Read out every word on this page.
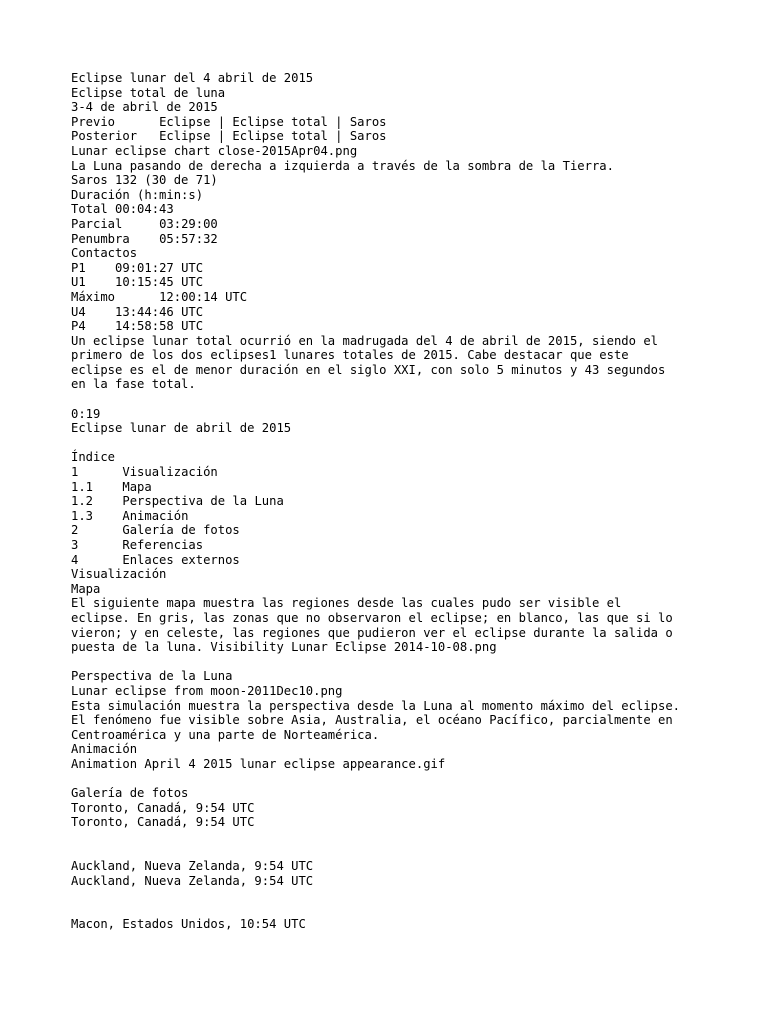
Eclipse lunar del 4 abril de 2015
Eclipse total de luna
3-4 de abril de 2015
Previo	Eclipse | Eclipse total | Saros
Posterior Eclipse | Eclipse total | Saros
Lunar eclipse chart close-2015Apr04.png
La Luna pasando de derecha a izquierda a través de la sombra de la Tierra.
Saros 132 (30 de 71)
Duración (h:min:s)
Total 00:04:43
Parcial	03:29:00
Penumbra 05:57:32
Contactos
P1 09:01:27 UTC
U1 10:15:45 UTC
Máximo	12:00:14 UTC
U4 13:44:46 UTC
P4 14:58:58 UTC
Un eclipse lunar total ocurrió en la madrugada del 4 de abril de 2015, siendo el
primero de los dos eclipses1 lunares totales de 2015. Cabe destacar que este
eclipse es el de menor duración en el siglo XXI, con solo 5 minutos y 43 segundos
en la fase total.
0:19
Eclipse lunar de abril de 2015
Índice
1	Visualización
1.1 Mapa
1.2 Perspectiva de la Luna
1.3 Animación
2	Galería de fotos
3	Referencias
4	Enlaces externos
Visualización
Mapa
El siguiente mapa muestra las regiones desde las cuales pudo ser visible el
eclipse. En gris, las zonas que no observaron el eclipse; en blanco, las que si lo
vieron; y en celeste, las regiones que pudieron ver el eclipse durante la salida o
puesta de la luna. Visibility Lunar Eclipse 2014-10-08.png
Perspectiva de la Luna
Lunar eclipse from moon-2011Dec10.png
Esta simulación muestra la perspectiva desde la Luna al momento máximo del eclipse.
El fenómeno fue visible sobre Asia, Australia, el océano Pacífico, parcialmente en
Centroamérica y una parte de Norteamérica.
Animación
Animation April 4 2015 lunar eclipse appearance.gif
Galería de fotos
Toronto, Canadá, 9:54 UTC
Toronto, Canadá, 9:54 UTC
Auckland, Nueva Zelanda, 9:54 UTC
Auckland, Nueva Zelanda, 9:54 UTC
Macon, Estados Unidos, 10:54 UTC
